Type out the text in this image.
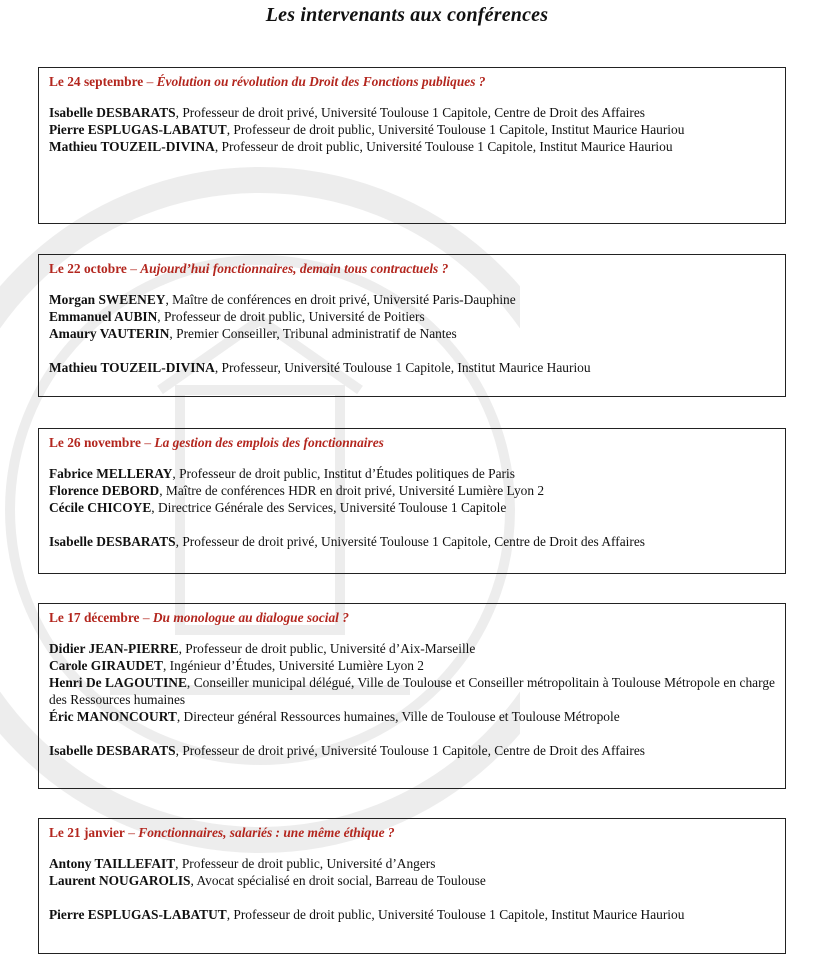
Les intervenants aux conférences

Le 24 septembre – Évolution ou révolution du Droit des Fonctions publiques ?

Isabelle DESBARATS, Professeur de droit privé, Université Toulouse 1 Capitole, Centre de Droit des Affaires

Pierre ESPLUGAS-LABATUT, Professeur de droit public, Université Toulouse 1 Capitole, Institut Maurice Hauriou

Mathieu TOUZEIL-DIVINA, Professeur de droit public, Université Toulouse 1 Capitole, Institut Maurice Hauriou

Le 22 octobre – Aujourd’hui fonctionnaires, demain tous contractuels ?

Morgan SWEENEY, Maître de conférences en droit privé, Université Paris-Dauphine

Emmanuel AUBIN, Professeur de droit public, Université de Poitiers

Amaury VAUTERIN, Premier Conseiller, Tribunal administratif de Nantes

Mathieu TOUZEIL-DIVINA, Professeur, Université Toulouse 1 Capitole, Institut Maurice Hauriou

Le 26 novembre – La gestion des emplois des fonctionnaires

Fabrice MELLERAY, Professeur de droit public, Institut d’Études politiques de Paris

Florence DEBORD, Maître de conférences HDR en droit privé, Université Lumière Lyon 2

Cécile CHICOYE, Directrice Générale des Services, Université Toulouse 1 Capitole

Isabelle DESBARATS, Professeur de droit privé, Université Toulouse 1 Capitole, Centre de Droit des Affaires

Le 17 décembre – Du monologue au dialogue social ?

Didier JEAN-PIERRE, Professeur de droit public, Université d’Aix-Marseille

Carole GIRAUDET, Ingénieur d’Études, Université Lumière Lyon 2

Henri De LAGOUTINE, Conseiller municipal délégué, Ville de Toulouse et Conseiller métropolitain à Toulouse Métropole en charge des Ressources humaines

Éric MANONCOURT, Directeur général Ressources humaines, Ville de Toulouse et Toulouse Métropole

Isabelle DESBARATS, Professeur de droit privé, Université Toulouse 1 Capitole, Centre de Droit des Affaires

Le 21 janvier – Fonctionnaires, salariés : une même éthique ?

Antony TAILLEFAIT, Professeur de droit public, Université d’Angers

Laurent NOUGAROLIS, Avocat spécialisé en droit social, Barreau de Toulouse

Pierre ESPLUGAS-LABATUT, Professeur de droit public, Université Toulouse 1 Capitole, Institut Maurice Hauriou
